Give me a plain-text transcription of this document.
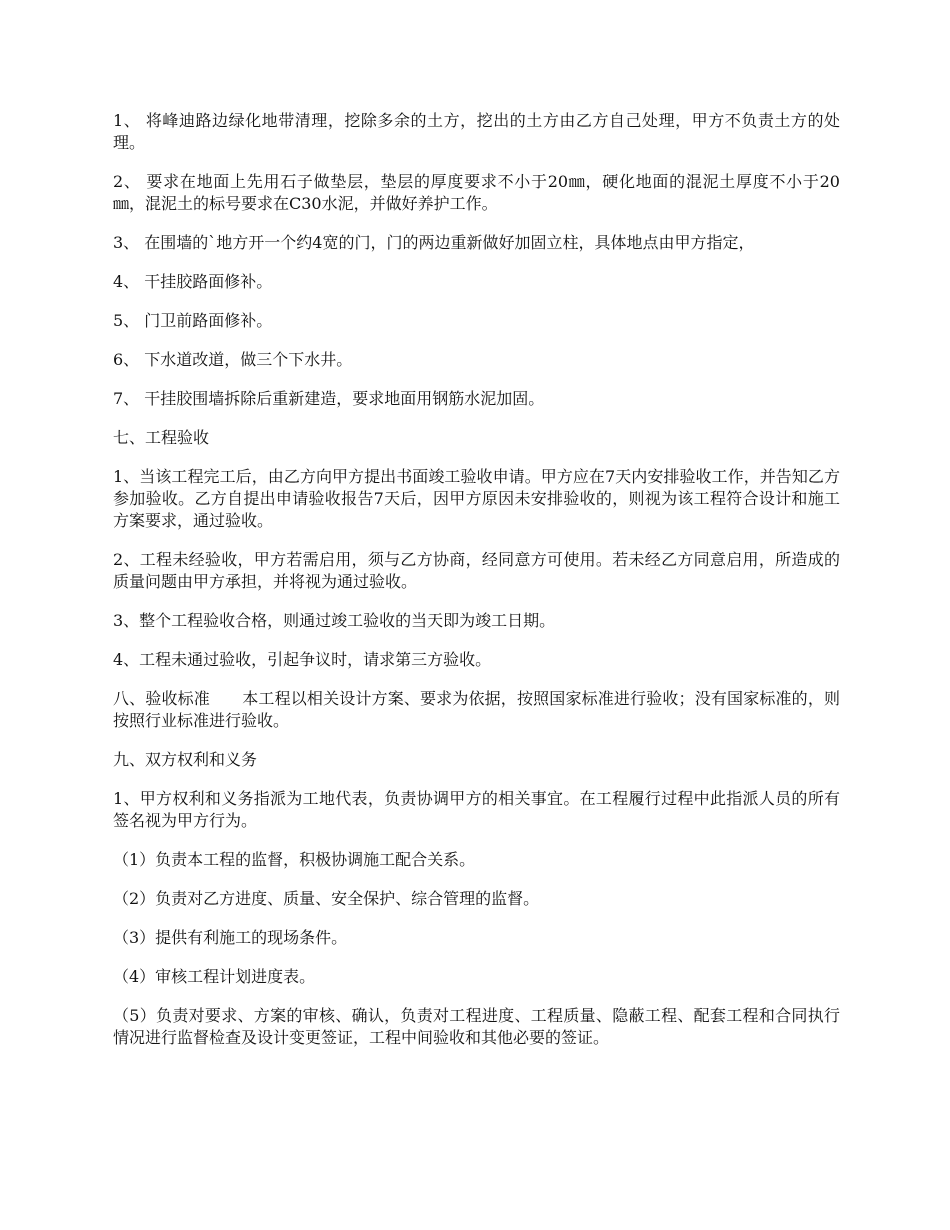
1、 将峰迪路边绿化地带清理，挖除多余的土方，挖出的土方由乙方自己处理，甲方不负责土方的处理。

2、 要求在地面上先用石子做垫层，垫层的厚度要求不小于20㎜，硬化地面的混泥土厚度不小于20㎜，混泥土的标号要求在C30水泥，并做好养护工作。

3、 在围墙的`地方开一个约4宽的门，门的两边重新做好加固立柱，具体地点由甲方指定，

4、 干挂胶路面修补。

5、 门卫前路面修补。

6、 下水道改道，做三个下水井。

7、 干挂胶围墙拆除后重新建造，要求地面用钢筋水泥加固。

七、工程验收

1、当该工程完工后，由乙方向甲方提出书面竣工验收申请。甲方应在7天内安排验收工作，并告知乙方参加验收。乙方自提出申请验收报告7天后，因甲方原因未安排验收的，则视为该工程符合设计和施工方案要求，通过验收。

2、工程未经验收，甲方若需启用，须与乙方协商，经同意方可使用。若未经乙方同意启用，所造成的质量问题由甲方承担，并将视为通过验收。

3、整个工程验收合格，则通过竣工验收的当天即为竣工日期。

4、工程未通过验收，引起争议时，请求第三方验收。

八、验收标准　　本工程以相关设计方案、要求为依据，按照国家标准进行验收；没有国家标准的，则按照行业标准进行验收。

九、双方权利和义务

1、甲方权利和义务指派为工地代表，负责协调甲方的相关事宜。在工程履行过程中此指派人员的所有签名视为甲方行为。

（1）负责本工程的监督，积极协调施工配合关系。

（2）负责对乙方进度、质量、安全保护、综合管理的监督。

（3）提供有利施工的现场条件。

（4）审核工程计划进度表。

（5）负责对要求、方案的审核、确认，负责对工程进度、工程质量、隐蔽工程、配套工程和合同执行情况进行监督检查及设计变更签证，工程中间验收和其他必要的签证。
